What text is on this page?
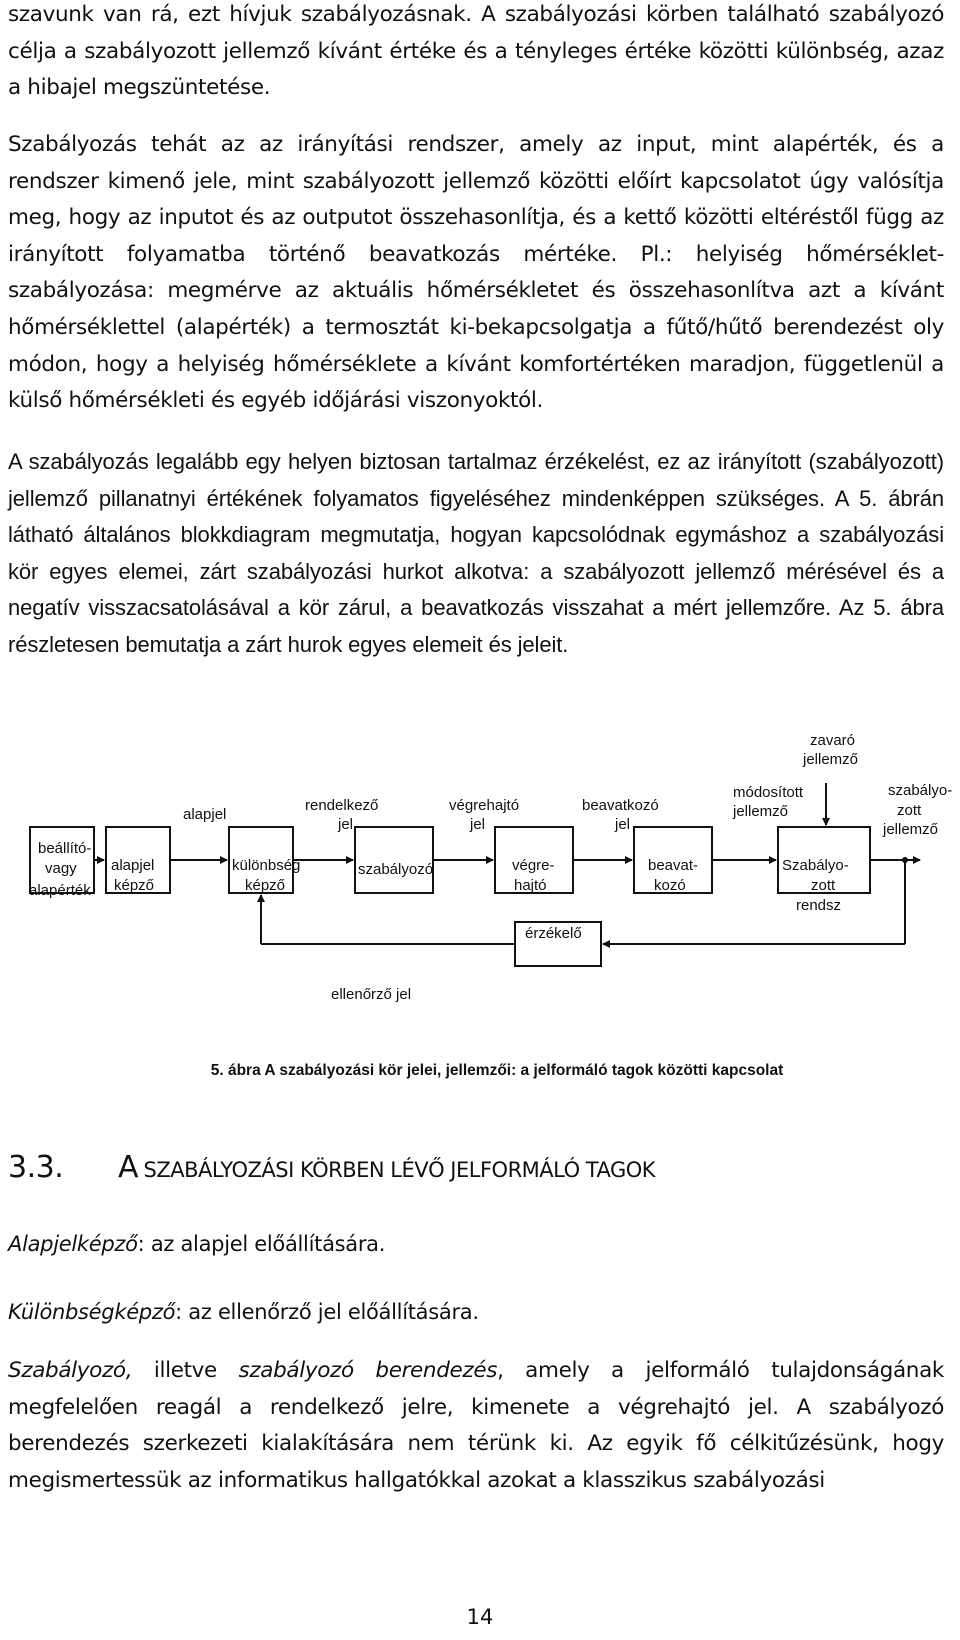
szavunk van rá, ezt hívjuk szabályozásnak. A szabályozási körben található szabályozó célja a szabályozott jellemző kívánt értéke és a tényleges értéke közötti különbség, azaz a hibajel megszüntetése.

Szabályozás tehát az az irányítási rendszer, amely az input, mint alapérték, és a rendszer kimenő jele, mint szabályozott jellemző közötti előírt kapcsolatot úgy valósítja meg, hogy az inputot és az outputot összehasonlítja, és a kettő közötti eltéréstől függ az irányított folyamatba történő beavatkozás mértéke. Pl.: helyiség hőmérséklet-szabályozása: megmérve az aktuális hőmérsékletet és összehasonlítva azt a kívánt hőmérséklettel (alapérték) a termosztát ki-bekapcsolgatja a fűtő/hűtő berendezést oly módon, hogy a helyiség hőmérséklete a kívánt komfortértéken maradjon, függetlenül a külső hőmérsékleti és egyéb időjárási viszonyoktól.

A szabályozás legalább egy helyen biztosan tartalmaz érzékelést, ez az irányított (szabályozott) jellemző pillanatnyi értékének folyamatos figyeléséhez mindenképpen szükséges. A 5. ábrán látható általános blokkdiagram megmutatja, hogyan kapcsolódnak egymáshoz a szabályozási kör egyes elemei, zárt szabályozási hurkot alkotva: a szabályozott jellemző mérésével és a negatív visszacsatolásával a kör zárul, a beavatkozás visszahat a mért jellemzőre. Az 5. ábra részletesen bemutatja a zárt hurok egyes elemeit és jeleit.

beállító-
vagy
alapérték
alapjel
képző
különbség
képző
szabályozó	végre-
hajtó
beavat-
kozó
Szabályo-
zott
rendsz
érzékelő
alapjel
rendelkező
jel
végrehajtó
jel
beavatkozó
jel
módosított
jellemző
zavaró
jellemző
szabályo-
zott
jellemző
ellenőrző jel
5. ábra A szabályozási kör jelei, jellemzői: a jelformáló tagok közötti kapcsolat
3.3. A  SZABÁLYOZÁSI KÖRBEN LÉVŐ JELFORMÁLÓ TAGOK
Alapjelképző: az alapjel előállítására.
Különbségképző: az ellenőrző jel előállítására.

Szabályozó, illetve szabályozó berendezés, amely a jelformáló tulajdonságának megfelelően reagál a rendelkező jelre, kimenete a végrehajtó jel. A szabályozó berendezés szerkezeti kialakítására nem térünk ki. Az egyik fő célkitűzésünk, hogy megismertessük az informatikus hallgatókkal azokat a klasszikus szabályozási

14
